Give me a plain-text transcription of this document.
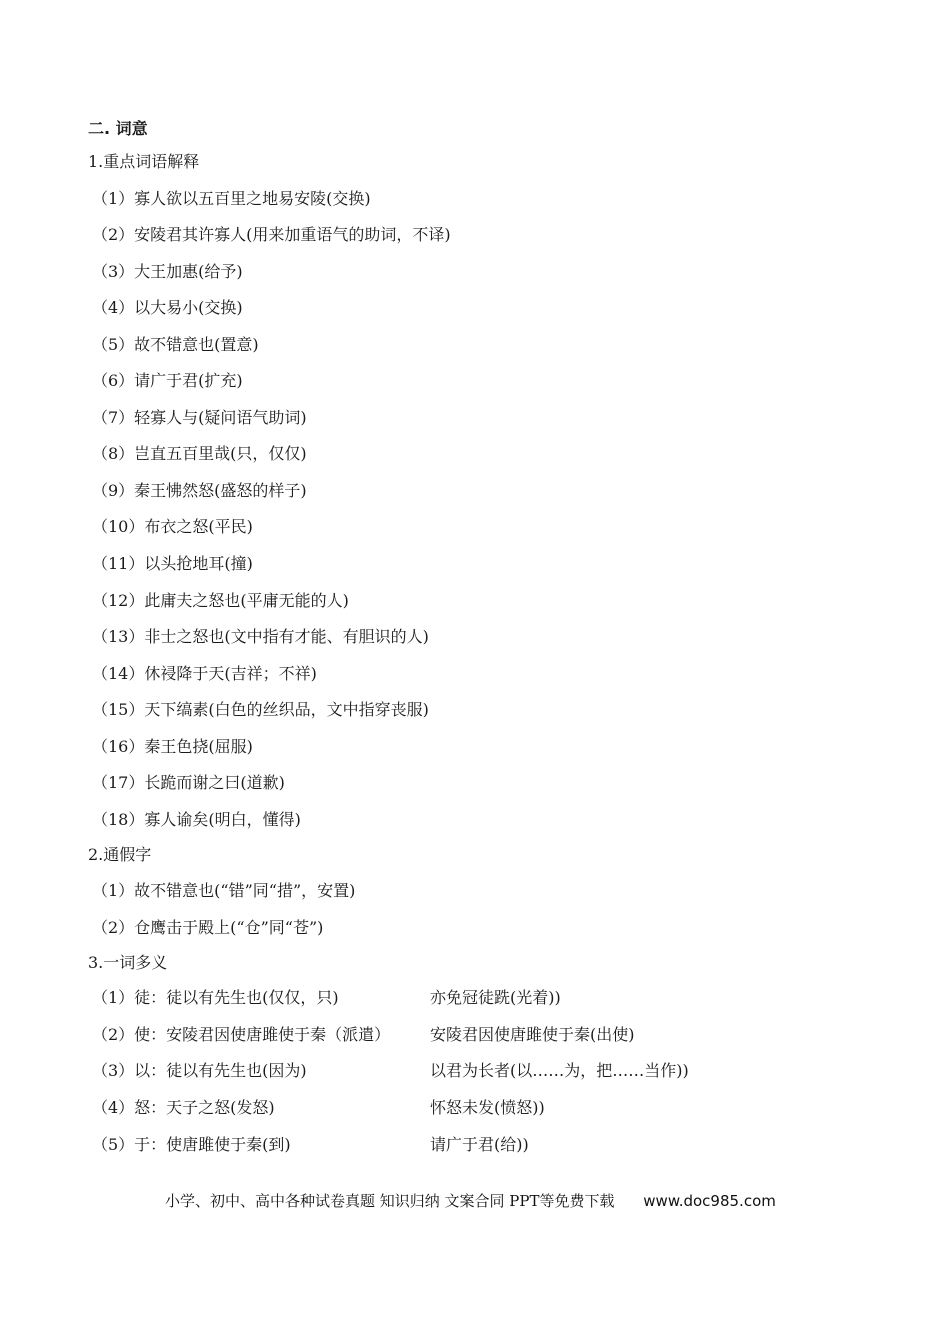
二. 词意
1.重点词语解释
（1）寡人欲以五百里之地易安陵(交换)
（2）安陵君其许寡人(用来加重语气的助词，不译)
（3）大王加惠(给予)
（4）以大易小(交换)
（5）故不错意也(置意)
（6）请广于君(扩充)
（7）轻寡人与(疑问语气助词)
（8）岂直五百里哉(只，仅仅)
（9）秦王怫然怒(盛怒的样子)
（10）布衣之怒(平民)
（11）以头抢地耳(撞)
（12）此庸夫之怒也(平庸无能的人)
（13）非士之怒也(文中指有才能、有胆识的人)
（14）休祲降于天(吉祥；不祥)
（15）天下缟素(白色的丝织品，文中指穿丧服)
（16）秦王色挠(屈服)
（17）长跪而谢之曰(道歉)
（18）寡人谕矣(明白，懂得)
2.通假字
（1）故不错意也(“错”同“措”，安置)
（2）仓鹰击于殿上(“仓”同“苍”)
3.一词多义
（1）徒：徒以有先生也(仅仅，只)	亦免冠徒跣(光着))
（2）使：安陵君因使唐雎使于秦（派遣） 安陵君因使唐雎使于秦(出使)
（3）以：徒以有先生也(因为)	以君为长者(以……为，把……当作))
（4）怒：天子之怒(发怒)	怀怒未发(愤怒))
（5）于：使唐雎使于秦(到)	请广于君(给))
小学、初中、高中各种试卷真题 知识归纳 文案合同 PPT等免费下载 www.doc985.com
